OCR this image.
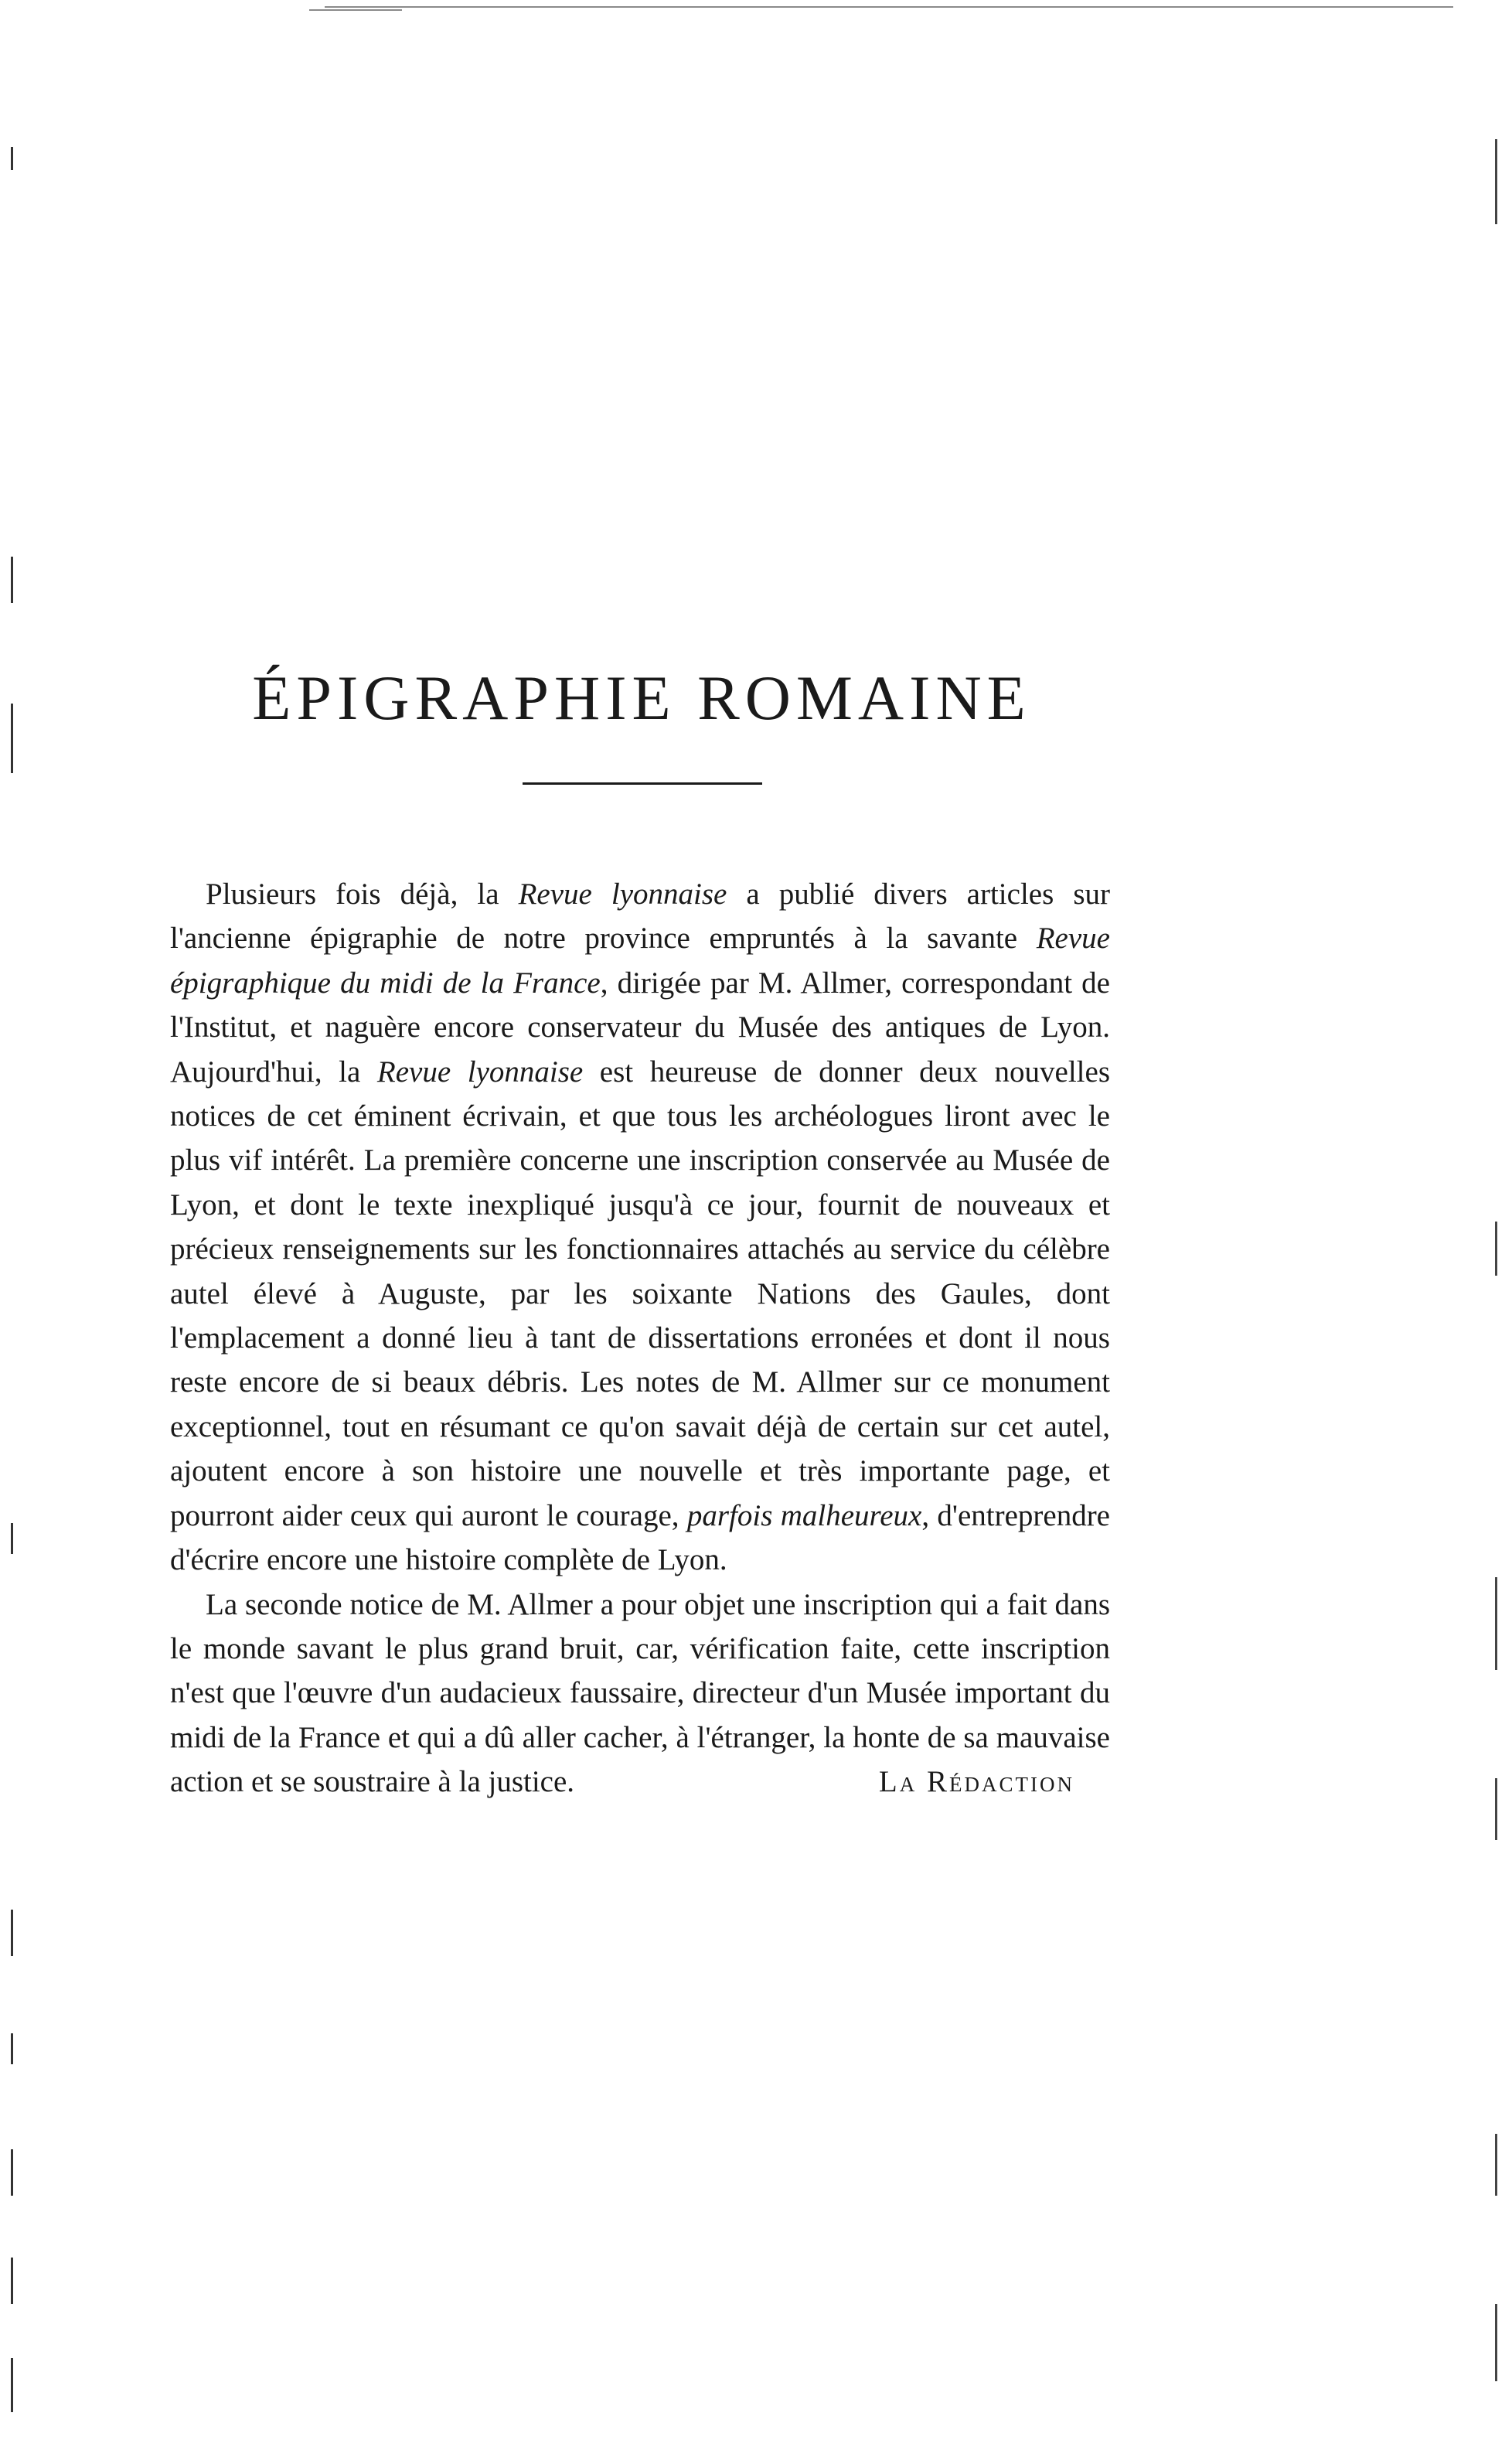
ÉPIGRAPHIE ROMAINE

Plusieurs fois déjà, la Revue lyonnaise a publié divers articles sur l'ancienne épigraphie de notre province empruntés à la savante Revue épigraphique du midi de la France, dirigée par M. Allmer, correspondant de l'Institut, et naguère encore conservateur du Musée des antiques de Lyon. Aujourd'hui, la Revue lyonnaise est heureuse de donner deux nouvelles notices de cet éminent écrivain, et que tous les archéologues liront avec le plus vif intérêt. La première concerne une inscription conservée au Musée de Lyon, et dont le texte inexpliqué jusqu'à ce jour, fournit de nouveaux et précieux renseignements sur les fonctionnaires attachés au service du célèbre autel élevé à Auguste, par les soixante Nations des Gaules, dont l'emplacement a donné lieu à tant de dissertations erronées et dont il nous reste encore de si beaux débris. Les notes de M. Allmer sur ce monument exceptionnel, tout en résumant ce qu'on savait déjà de certain sur cet autel, ajoutent encore à son histoire une nouvelle et très importante page, et pourront aider ceux qui auront le courage, parfois malheureux, d'entreprendre d'écrire encore une histoire complète de Lyon.

La seconde notice de M. Allmer a pour objet une inscription qui a fait dans le monde savant le plus grand bruit, car, vérification faite, cette inscription n'est que l'œuvre d'un audacieux faussaire, directeur d'un Musée important du midi de la France et qui a dû aller cacher, à l'étranger, la honte de sa mauvaise action et se soustraire à la justice.	La Rédaction
